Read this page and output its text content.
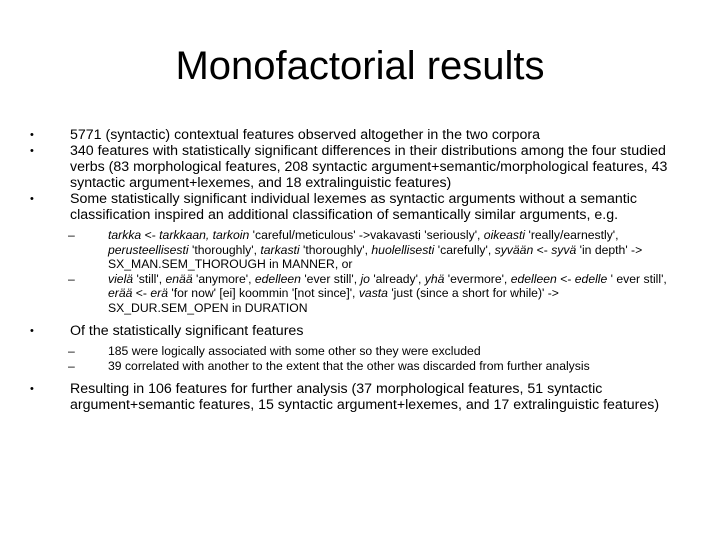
Monofactorial results
•	5771 (syntactic) contextual features observed altogether in the two corpora
•	340 features with statistically significant differences in their distributions among the four studied verbs (83 morphological features, 208 syntactic argument+semantic/morphological features, 43 syntactic argument+lexemes, and 18 extralinguistic features)
•	Some statistically significant individual lexemes as syntactic arguments without a semantic classification inspired an additional classification of semantically similar arguments, e.g.
–	tarkka <- tarkkaan, tarkoin 'careful/meticulous' ->vakavasti 'seriously', oikeasti 'really/earnestly', perusteellisesti 'thoroughly', tarkasti 'thoroughly', huolellisesti 'carefully', syvään <- syvä 'in depth' -> SX_MAN.SEM_THOROUGH in MANNER, or
–	vielä 'still', enää 'anymore', edelleen 'ever still', jo 'already', yhä 'evermore', edelleen <- edelle ' ever still', erää <- erä 'for now' [ei] koommin '[not since]', vasta 'just (since a short for while)' -> SX_DUR.SEM_OPEN in DURATION
•	Of the statistically significant features
–	185 were logically associated with some other so they were excluded
–	39 correlated with another to the extent that the other was discarded from further analysis
•	Resulting in 106 features for further analysis (37 morphological features, 51 syntactic argument+semantic features, 15 syntactic argument+lexemes, and 17 extralinguistic features)
